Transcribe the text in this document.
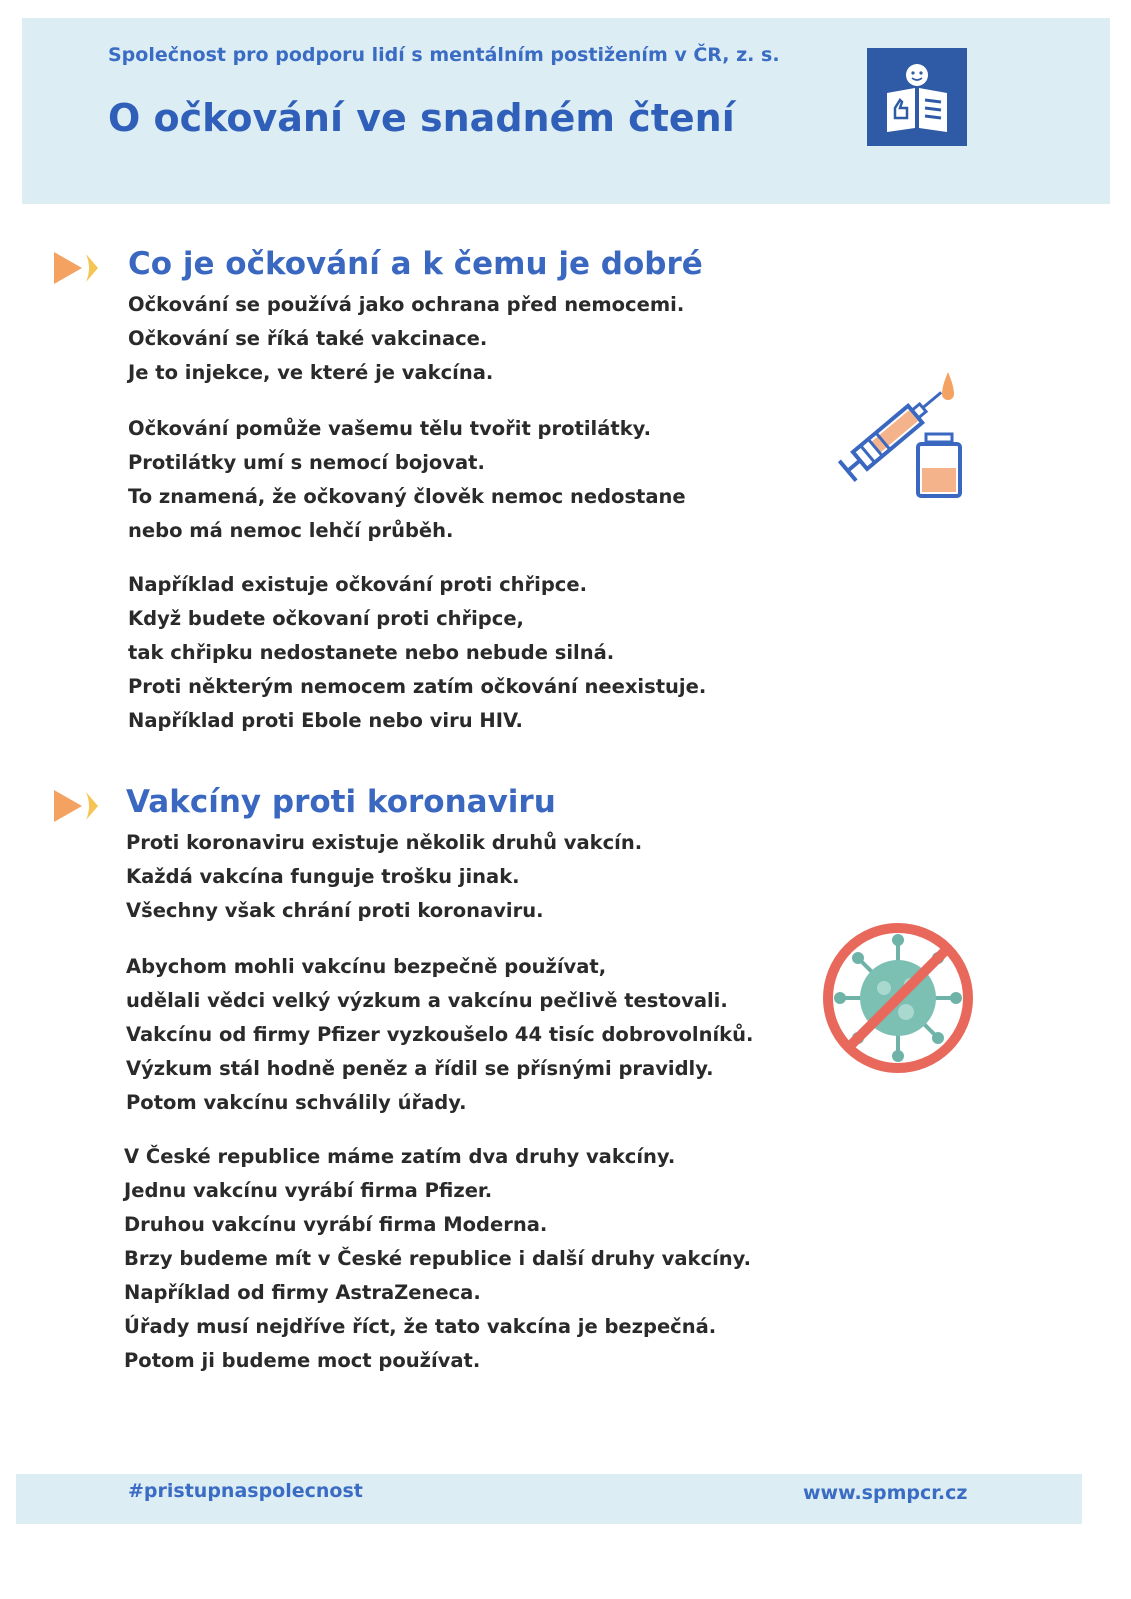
Společnost pro podporu lidí s mentálním postižením v ČR, z. s.
O očkování ve snadném čtení
Co je očkování a k čemu je dobré

Očkování se používá jako ochrana před nemocemi.

Očkování se říká také vakcinace.

Je to injekce, ve které je vakcína.

Očkování pomůže vašemu tělu tvořit protilátky.

Protilátky umí s nemocí bojovat.

To znamená, že očkovaný člověk nemoc nedostane

nebo má nemoc lehčí průběh.

Například existuje očkování proti chřipce.

Když budete očkovaní proti chřipce,

tak chřipku nedostanete nebo nebude silná.

Proti některým nemocem zatím očkování neexistuje.

Například proti Ebole nebo viru HIV.

Vakcíny proti koronaviru

Proti koronaviru existuje několik druhů vakcín.

Každá vakcína funguje trošku jinak.

Všechny však chrání proti koronaviru.

Abychom mohli vakcínu bezpečně používat,

udělali vědci velký výzkum a vakcínu pečlivě testovali.

Vakcínu od firmy Pfizer vyzkoušelo 44 tisíc dobrovolníků.

Výzkum stál hodně peněz a řídil se přísnými pravidly.

Potom vakcínu schválily úřady.

V České republice máme zatím dva druhy vakcíny.

Jednu vakcínu vyrábí firma Pfizer.

Druhou vakcínu vyrábí firma Moderna.

Brzy budeme mít v České republice i další druhy vakcíny.

Například od firmy AstraZeneca.

Úřady musí nejdříve říct, že tato vakcína je bezpečná.

Potom ji budeme moct používat.

#pristupnaspolecnost	www.spmpcr.cz
